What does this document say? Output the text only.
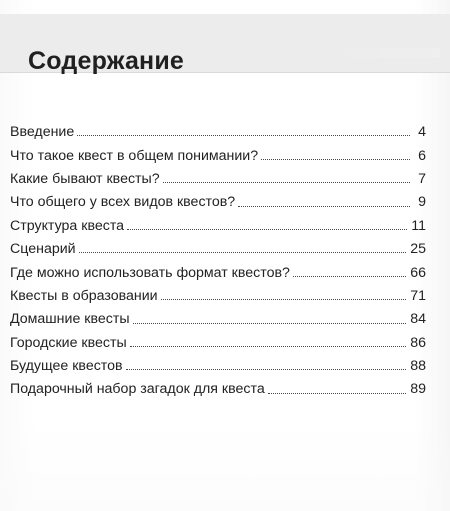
Содержание
Введение	4
Что такое квест в общем понимании?	6
Какие бывают квесты?	7
Что общего у всех видов квестов?	9
Структура квеста	11
Сценарий	25
Где можно использовать формат квестов?	66
Квесты в образовании	71
Домашние квесты	84
Городские квесты	86
Будущее квестов	88
Подарочный набор загадок для квеста	89
